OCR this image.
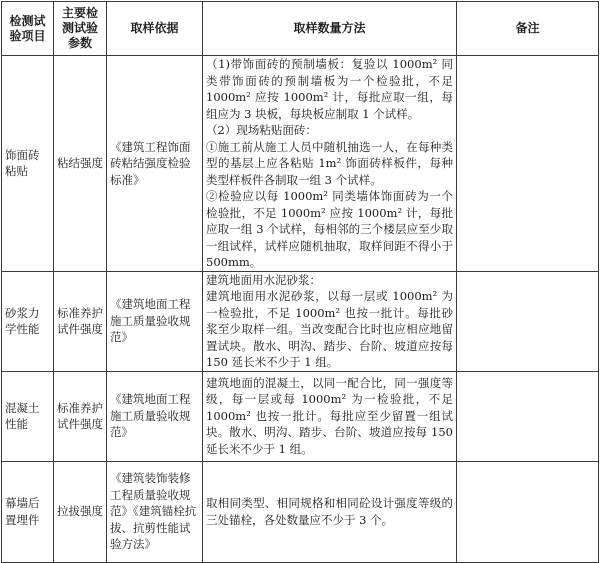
检测试验项目	主要检测试验参数	取样依据	取样数量方法	备注
饰面砖粘贴	粘结强度	《建筑工程饰面砖粘结强度检验标准》	（1)带饰面砖的预制墙板：复验以 1000m² 同类带饰面砖的预制墙板为一个检验批，不足 1000m² 应按 1000m² 计，每批应取一组，每组应为 3 块板，每块板应制取 1 个试样。
（2）现场粘贴面砖：
①施工前从施工人员中随机抽选一人，在每种类型的基层上应各粘贴 1m² 饰面砖样板件，每种类型样板件各制取一组 3 个试样。
②检验应以每 1000m² 同类墙体饰面砖为一个检验批，不足 1000m² 应按 1000m² 计，每批应取一组 3 个试样，每相邻的三个楼层应至少取一组试样，试样应随机抽取，取样间距不得小于 500mm。	

砂浆力学性能	标准养护试件强度	《建筑地面工程施工质量验收规范》	建筑地面用水泥砂浆：
建筑地面用水泥砂浆，以每一层或 1000m² 为一检验批，不足 1000m² 也按一批计。每批砂浆至少取样一组。当改变配合比时也应相应地留置试块。散水、明沟、踏步、台阶、坡道应按每 150 延长米不少于 1 组。	

混凝土性能	标准养护试件强度	《建筑地面工程施工质量验收规范》	建筑地面的混凝土，以同一配合比，同一强度等级，每一层或每 1000m² 为一检验批，不足 1000m² 也按一批计。每批应至少留置一组试块。散水、明沟、踏步、台阶、坡道应按每 150 延长米不少于 1 组。	

幕墙后置埋件	拉拔强度	《建筑装饰装修工程质量验收规范》《建筑锚栓抗拔、抗剪性能试验方法》	取相同类型、相同规格和相同砼设计强度等级的三处锚栓，各处数量应不少于 3 个。	
